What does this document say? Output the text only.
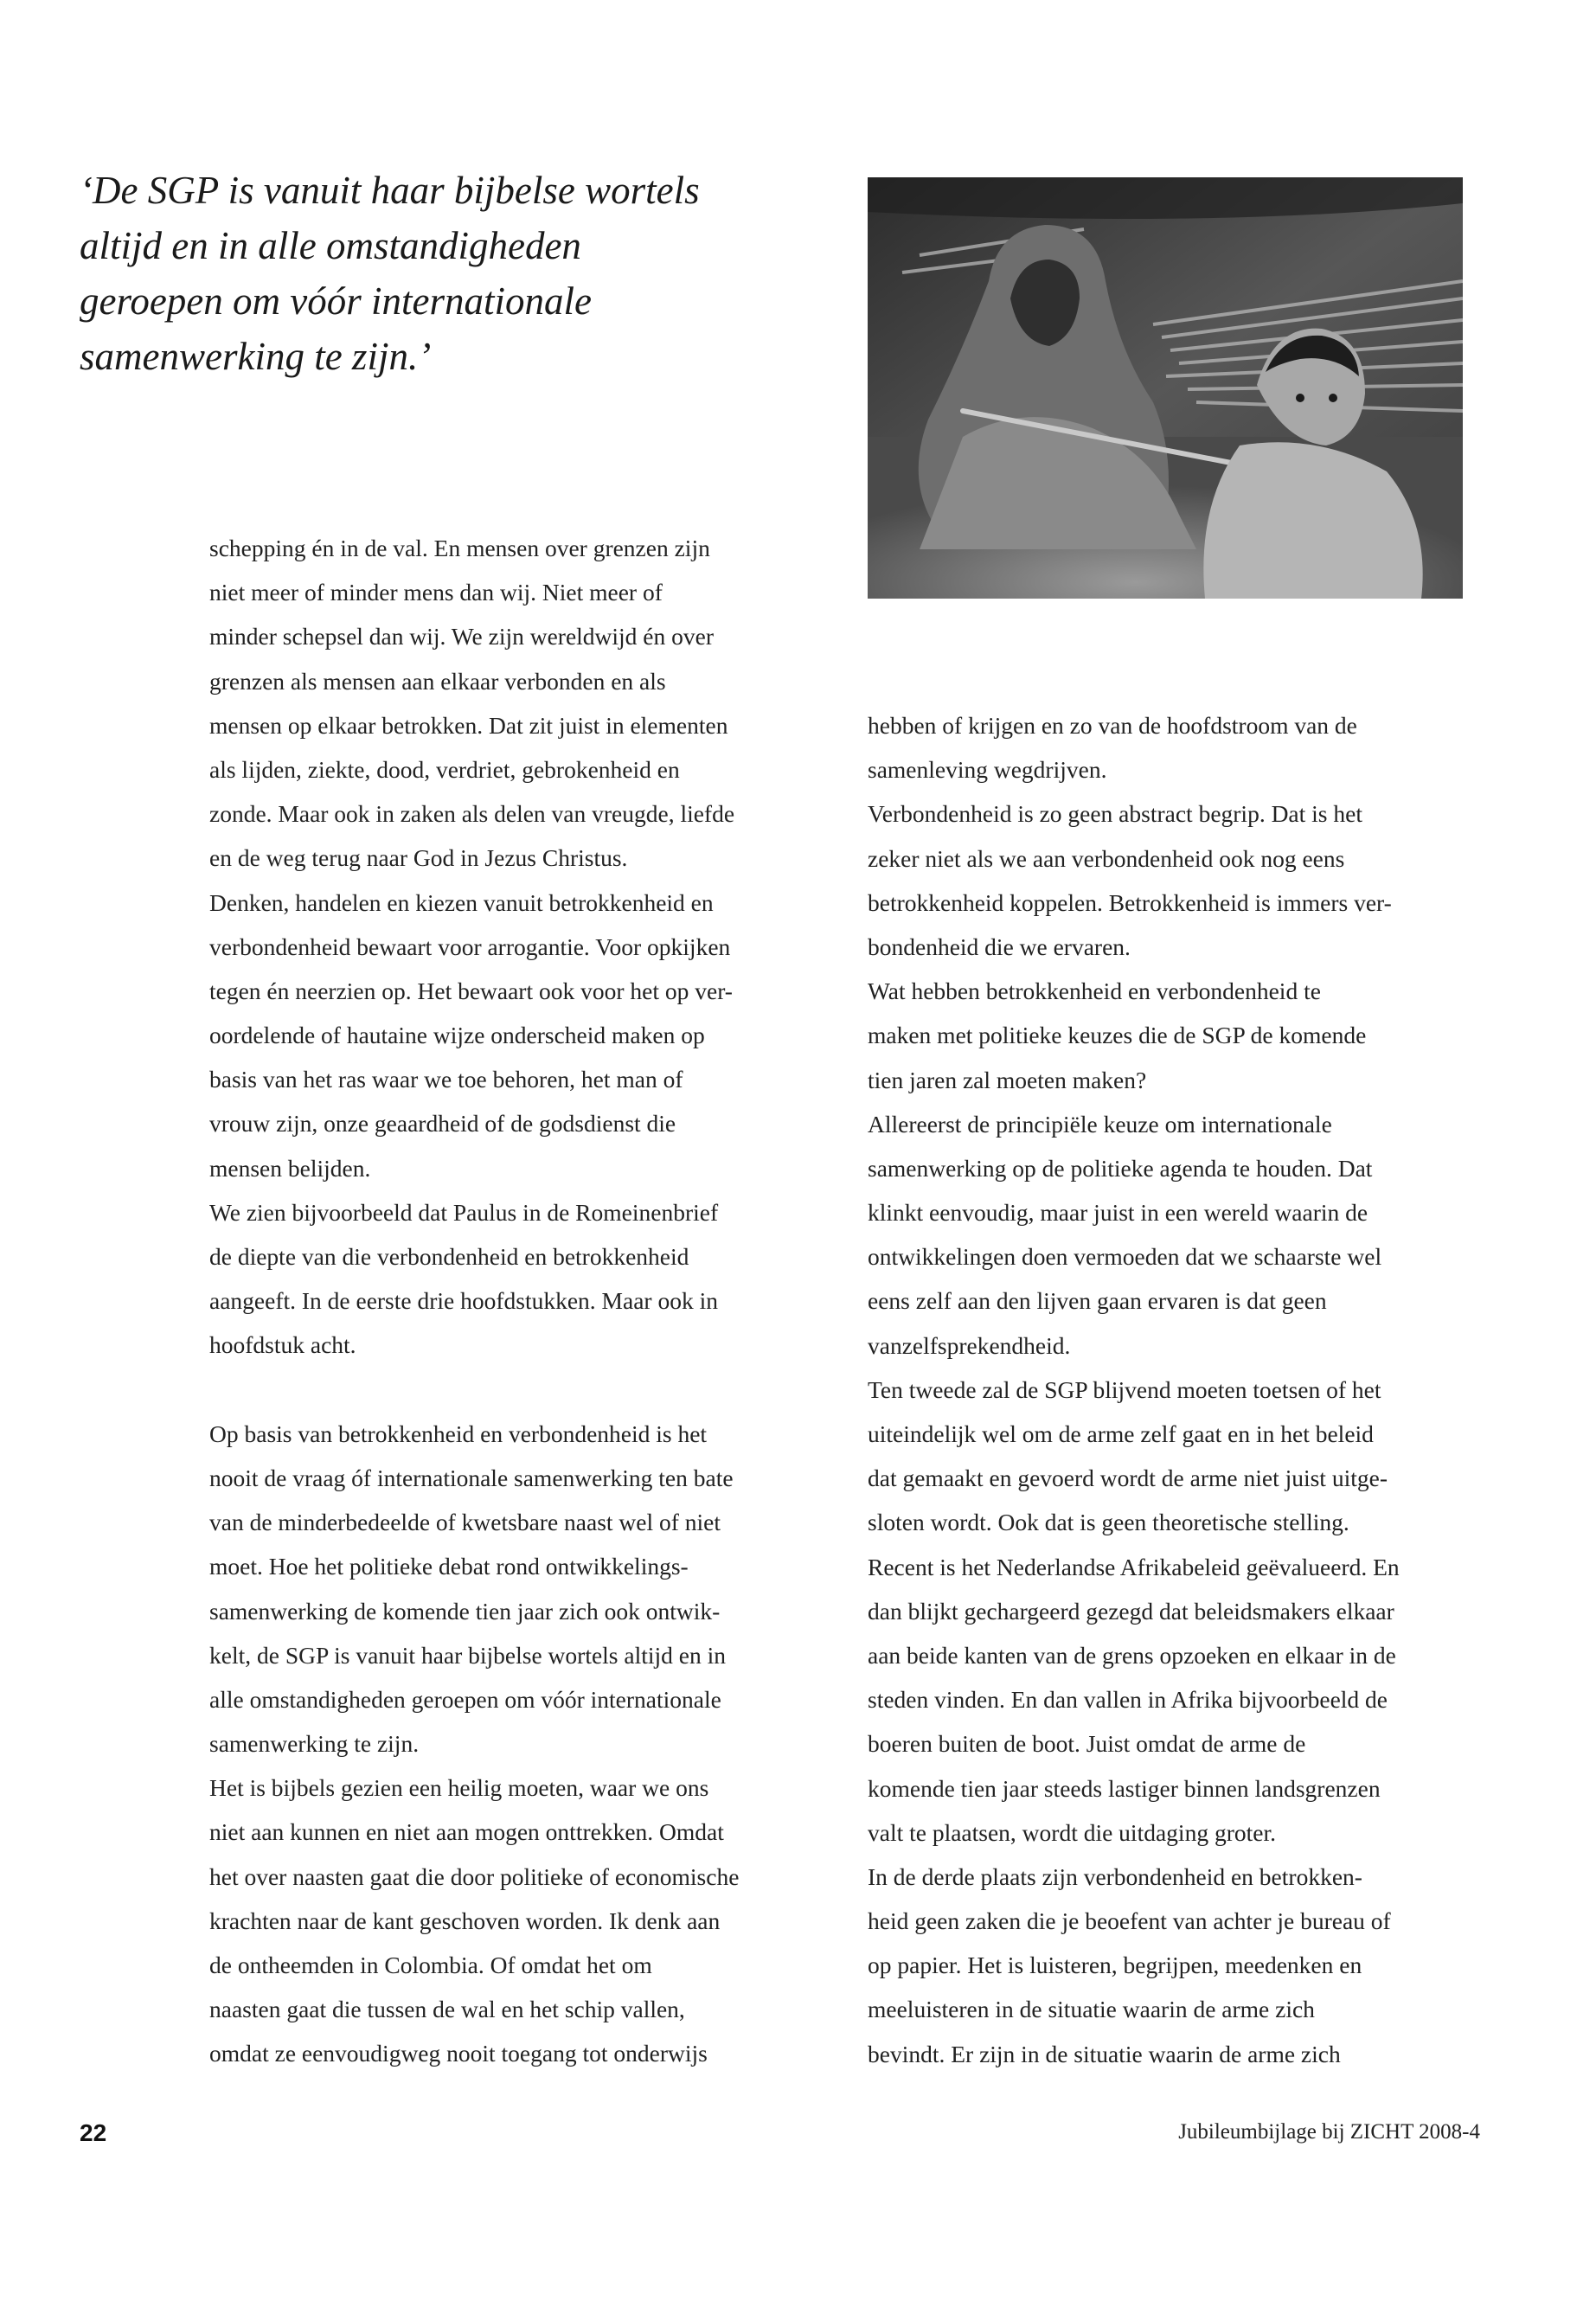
‘De SGP is vanuit haar bijbelse wortels
altijd en in alle omstandigheden
geroepen om vóór internationale
samenwerking te zijn.’
schepping én in de val. En mensen over grenzen zijn
niet meer of minder mens dan wij. Niet meer of
minder schepsel dan wij. We zijn wereldwijd én over
grenzen als mensen aan elkaar verbonden en als
mensen op elkaar betrokken. Dat zit juist in elementen
als lijden, ziekte, dood, verdriet, gebrokenheid en
zonde. Maar ook in zaken als delen van vreugde, liefde
en de weg terug naar God in Jezus Christus.
Denken, handelen en kiezen vanuit betrokkenheid en
verbondenheid bewaart voor arrogantie. Voor opkijken
tegen én neerzien op. Het bewaart ook voor het op ver-
oordelende of hautaine wijze onderscheid maken op
basis van het ras waar we toe behoren, het man of
vrouw zijn, onze geaardheid of de godsdienst die
mensen belijden.
We zien bijvoorbeeld dat Paulus in de Romeinenbrief
de diepte van die verbondenheid en betrokkenheid
aangeeft. In de eerste drie hoofdstukken. Maar ook in
hoofdstuk acht.
Op basis van betrokkenheid en verbondenheid is het
nooit de vraag óf internationale samenwerking ten bate
van de minderbedeelde of kwetsbare naast wel of niet
moet. Hoe het politieke debat rond ontwikkelings-
samenwerking de komende tien jaar zich ook ontwik-
kelt, de SGP is vanuit haar bijbelse wortels altijd en in
alle omstandigheden geroepen om vóór internationale
samenwerking te zijn.
Het is bijbels gezien een heilig moeten, waar we ons
niet aan kunnen en niet aan mogen onttrekken. Omdat
het over naasten gaat die door politieke of economische
krachten naar de kant geschoven worden. Ik denk aan
de ontheemden in Colombia. Of omdat het om
naasten gaat die tussen de wal en het schip vallen,
omdat ze eenvoudigweg nooit toegang tot onderwijs
hebben of krijgen en zo van de hoofdstroom van de
samenleving wegdrijven.
Verbondenheid is zo geen abstract begrip. Dat is het
zeker niet als we aan verbondenheid ook nog eens
betrokkenheid koppelen. Betrokkenheid is immers ver-
bondenheid die we ervaren.
Wat hebben betrokkenheid en verbondenheid te
maken met politieke keuzes die de SGP de komende
tien jaren zal moeten maken?
Allereerst de principiële keuze om internationale
samenwerking op de politieke agenda te houden. Dat
klinkt eenvoudig, maar juist in een wereld waarin de
ontwikkelingen doen vermoeden dat we schaarste wel
eens zelf aan den lijven gaan ervaren is dat geen
vanzelfsprekendheid.
Ten tweede zal de SGP blijvend moeten toetsen of het
uiteindelijk wel om de arme zelf gaat en in het beleid
dat gemaakt en gevoerd wordt de arme niet juist uitge-
sloten wordt. Ook dat is geen theoretische stelling.
Recent is het Nederlandse Afrikabeleid geëvalueerd. En
dan blijkt gechargeerd gezegd dat beleidsmakers elkaar
aan beide kanten van de grens opzoeken en elkaar in de
steden vinden. En dan vallen in Afrika bijvoorbeeld de
boeren buiten de boot. Juist omdat de arme de
komende tien jaar steeds lastiger binnen landsgrenzen
valt te plaatsen, wordt die uitdaging groter.
In de derde plaats zijn verbondenheid en betrokken-
heid geen zaken die je beoefent van achter je bureau of
op papier. Het is luisteren, begrijpen, meedenken en
meeluisteren in de situatie waarin de arme zich
bevindt. Er zijn in de situatie waarin de arme zich
22	Jubileumbijlage bij ZICHT 2008-4
